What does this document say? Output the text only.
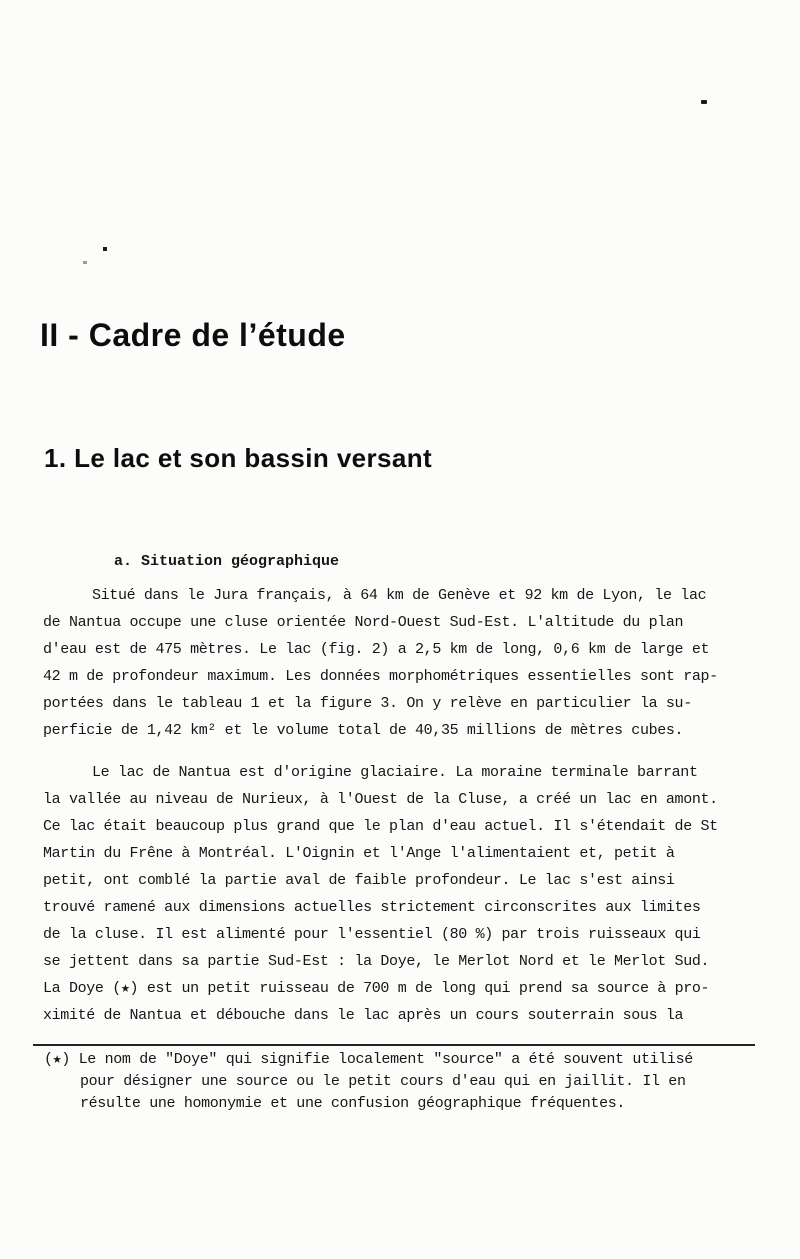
II - Cadre de l’étude
1. Le lac et son bassin versant
a. Situation géographique
Situé dans le Jura français, à 64 km de Genève et 92 km de Lyon, le lac
de Nantua occupe une cluse orientée Nord-Ouest Sud-Est. L'altitude du plan
d'eau est de 475 mètres. Le lac (fig. 2) a 2,5 km de long, 0,6 km de large et
42 m de profondeur maximum. Les données morphométriques essentielles sont rap-
portées dans le tableau 1 et la figure 3. On y relève en particulier la su-
perficie de 1,42 km² et le volume total de 40,35 millions de mètres cubes.
Le lac de Nantua est d'origine glaciaire. La moraine terminale barrant
la vallée au niveau de Nurieux, à l'Ouest de la Cluse, a créé un lac en amont.
Ce lac était beaucoup plus grand que le plan d'eau actuel. Il s'étendait de St
Martin du Frêne à Montréal. L'Oignin et l'Ange l'alimentaient et, petit à
petit, ont comblé la partie aval de faible profondeur. Le lac s'est ainsi
trouvé ramené aux dimensions actuelles strictement circonscrites aux limites
de la cluse. Il est alimenté pour l'essentiel (80 %) par trois ruisseaux qui
se jettent dans sa partie Sud-Est : la Doye, le Merlot Nord et le Merlot Sud.
La Doye (★) est un petit ruisseau de 700 m de long qui prend sa source à pro-
ximité de Nantua et débouche dans le lac après un cours souterrain sous la
(★) Le nom de "Doye" qui signifie localement "source" a été souvent utilisé
pour désigner une source ou le petit cours d'eau qui en jaillit. Il en
résulte une homonymie et une confusion géographique fréquentes.
